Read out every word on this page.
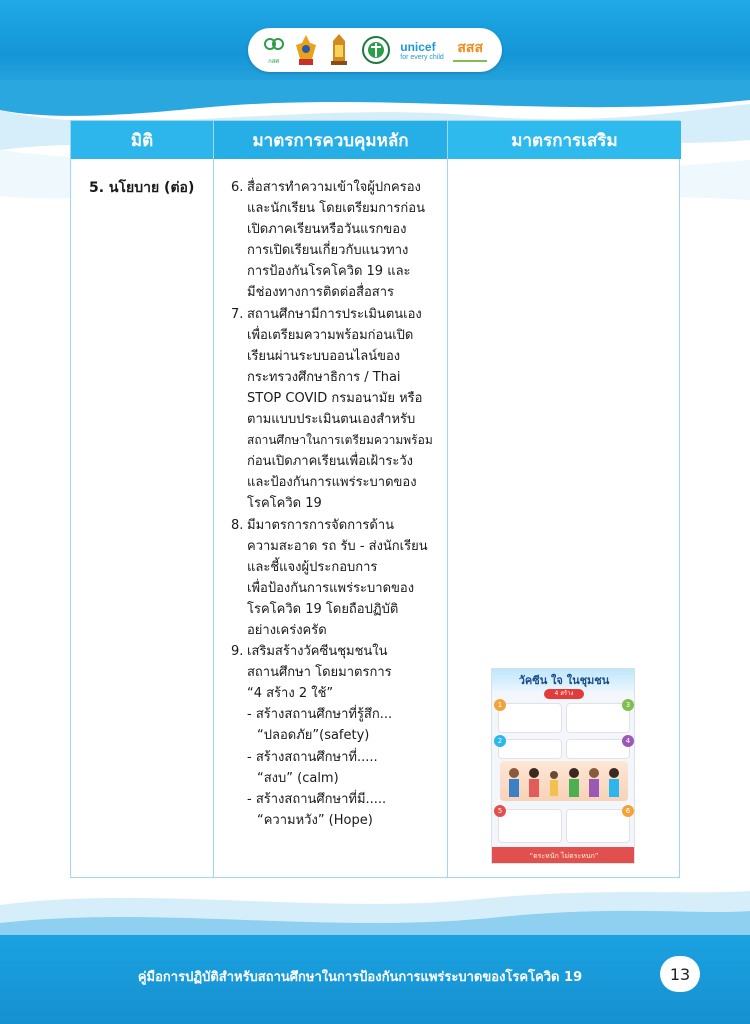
กสศ
unicef
for every child
สสส
มิติ	มาตรการควบคุมหลัก	มาตรการเสริม
5. นโยบาย (ต่อ)	6. สื่อสารทำความเข้าใจผู้ปกครอง
และนักเรียน โดยเตรียมการก่อน
เปิดภาคเรียนหรือวันแรกของ
การเปิดเรียนเกี่ยวกับแนวทาง
การป้องกันโรคโควิด 19 และ
มีช่องทางการติดต่อสื่อสาร
7. สถานศึกษามีการประเมินตนเอง
เพื่อเตรียมความพร้อมก่อนเปิด
เรียนผ่านระบบออนไลน์ของ
กระทรวงศึกษาธิการ / Thai
STOP COVID กรมอนามัย หรือ
ตามแบบประเมินตนเองสำหรับ
สถานศึกษาในการเตรียมความพร้อม
ก่อนเปิดภาคเรียนเพื่อเฝ้าระวัง
และป้องกันการแพร่ระบาดของ
โรคโควิด 19
8. มีมาตรการการจัดการด้าน
ความสะอาด รถ รับ - ส่งนักเรียน
และชี้แจงผู้ประกอบการ
เพื่อป้องกันการแพร่ระบาดของ
โรคโควิด 19 โดยถือปฏิบัติ
อย่างเคร่งครัด
9. เสริมสร้างวัคซีนชุมชนใน
สถานศึกษา โดยมาตรการ
“4 สร้าง 2 ใช้”
- สร้างสถานศึกษาที่รู้สึก...
“ปลอดภัย”(safety)
- สร้างสถานศึกษาที่.....
“สงบ” (calm)
- สร้างสถานศึกษาที่มี.....
“ความหวัง” (Hope)
วัคซีน ใจ ในชุมชน
4 สร้าง
1	3
2	4
5	6
“ตระหนัก ไม่ตระหนก”
คู่มือการปฏิบัติสำหรับสถานศึกษาในการป้องกันการแพร่ระบาดของโรคโควิด 19	13
